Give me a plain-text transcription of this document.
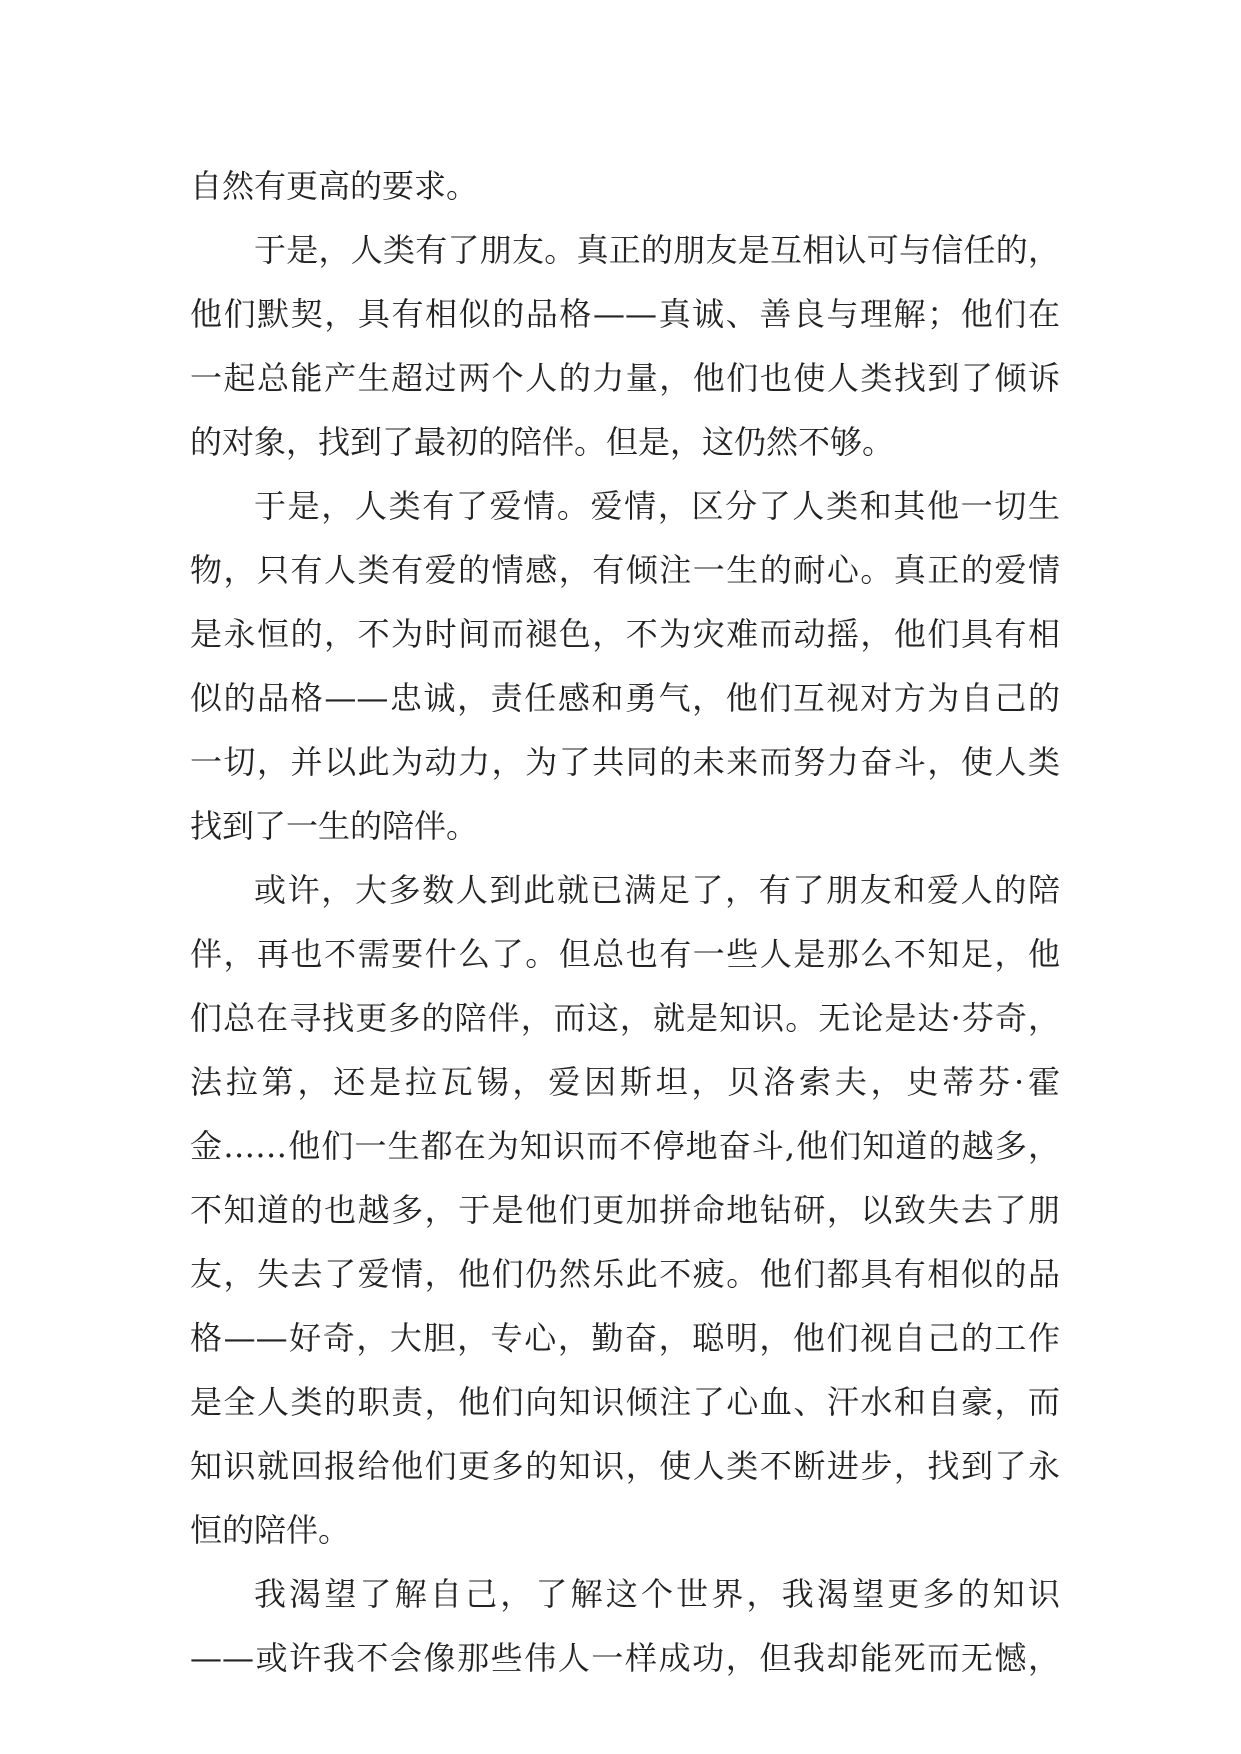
自然有更高的要求。
于是，人类有了朋友。真正的朋友是互相认可与信任的，
他们默契，具有相似的品格——真诚、善良与理解；他们在
一起总能产生超过两个人的力量，他们也使人类找到了倾诉
的对象，找到了最初的陪伴。但是，这仍然不够。
于是，人类有了爱情。爱情，区分了人类和其他一切生
物，只有人类有爱的情感，有倾注一生的耐心。真正的爱情
是永恒的，不为时间而褪色，不为灾难而动摇，他们具有相
似的品格——忠诚，责任感和勇气，他们互视对方为自己的
一切，并以此为动力，为了共同的未来而努力奋斗，使人类
找到了一生的陪伴。
或许，大多数人到此就已满足了，有了朋友和爱人的陪
伴，再也不需要什么了。但总也有一些人是那么不知足，他
们总在寻找更多的陪伴，而这，就是知识。无论是达·芬奇，
法拉第，还是拉瓦锡，爱因斯坦，贝洛索夫，史蒂芬·霍
金……他们一生都在为知识而不停地奋斗,他们知道的越多，
不知道的也越多，于是他们更加拼命地钻研，以致失去了朋
友，失去了爱情，他们仍然乐此不疲。他们都具有相似的品
格——好奇，大胆，专心，勤奋，聪明，他们视自己的工作
是全人类的职责，他们向知识倾注了心血、汗水和自豪，而
知识就回报给他们更多的知识，使人类不断进步，找到了永
恒的陪伴。
我渴望了解自己，了解这个世界，我渴望更多的知识
——或许我不会像那些伟人一样成功，但我却能死而无憾，
